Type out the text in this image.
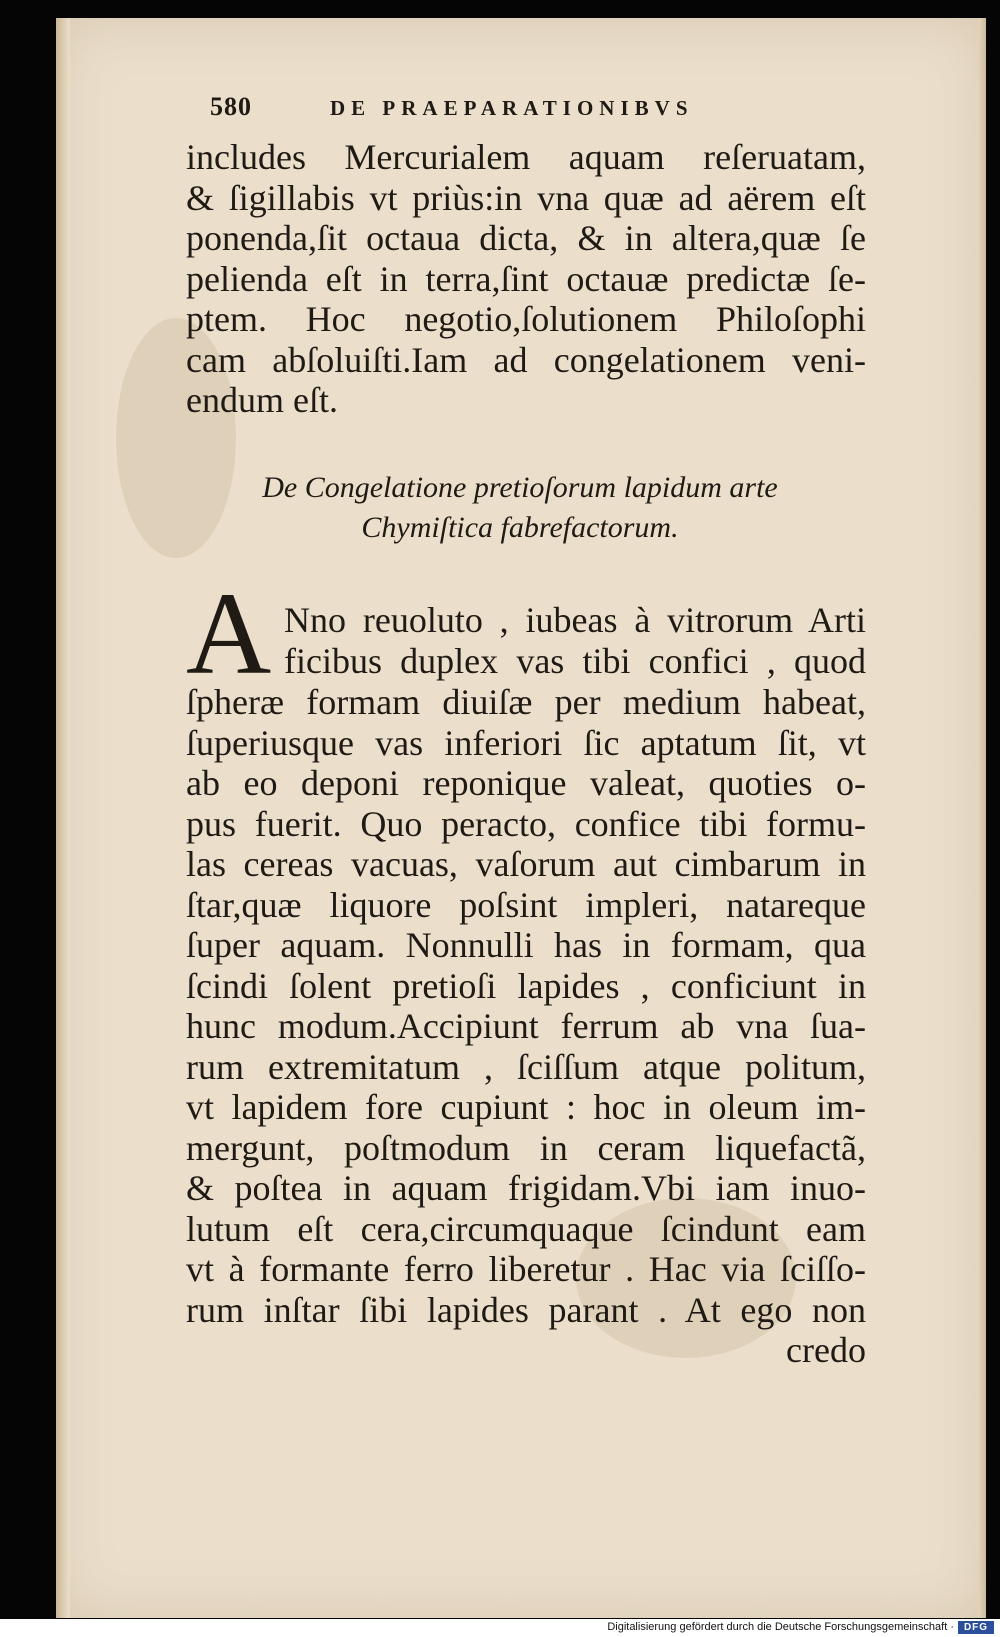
580	DE PRAEPARATIONIBVS
includes Mercurialem aquam reſeruatam,
& ſigillabis vt priùs:in vna quæ ad aërem eſt
ponenda,ſit octaua dicta, & in altera,quæ ſe
pelienda eſt in terra,ſint octauæ predictæ ſe-
ptem. Hoc negotio,ſolutionem Philoſophi
cam abſoluiſti.Iam ad congelationem veni-
endum eſt.
De Congelatione pretioſorum lapidum arte
Chymiſtica fabrefactorum.
A Nno reuoluto , iubeas à vitrorum Arti
ficibus duplex vas tibi confici , quod
ſpheræ formam diuiſæ per medium habeat,
ſuperiusque vas inferiori ſic aptatum ſit, vt
ab eo deponi reponique valeat, quoties o-
pus fuerit. Quo peracto, confice tibi formu-
las cereas vacuas, vaſorum aut cimbarum in
ſtar,quæ liquore poſsint impleri, natareque
ſuper aquam. Nonnulli has in formam, qua
ſcindi ſolent pretioſi lapides , conficiunt in
hunc modum.Accipiunt ferrum ab vna ſua-
rum extremitatum , ſciſſum atque politum,
vt lapidem fore cupiunt : hoc in oleum im-
mergunt, poſtmodum in ceram liquefactã,
& poſtea in aquam frigidam.Vbi iam inuo-
lutum eſt cera,circumquaque ſcindunt eam
vt à formante ferro liberetur . Hac via ſciſſo-
rum inſtar ſibi lapides parant . At ego non
credo
Digitalisierung gefördert durch die Deutsche Forschungsgemeinschaft · DFG
